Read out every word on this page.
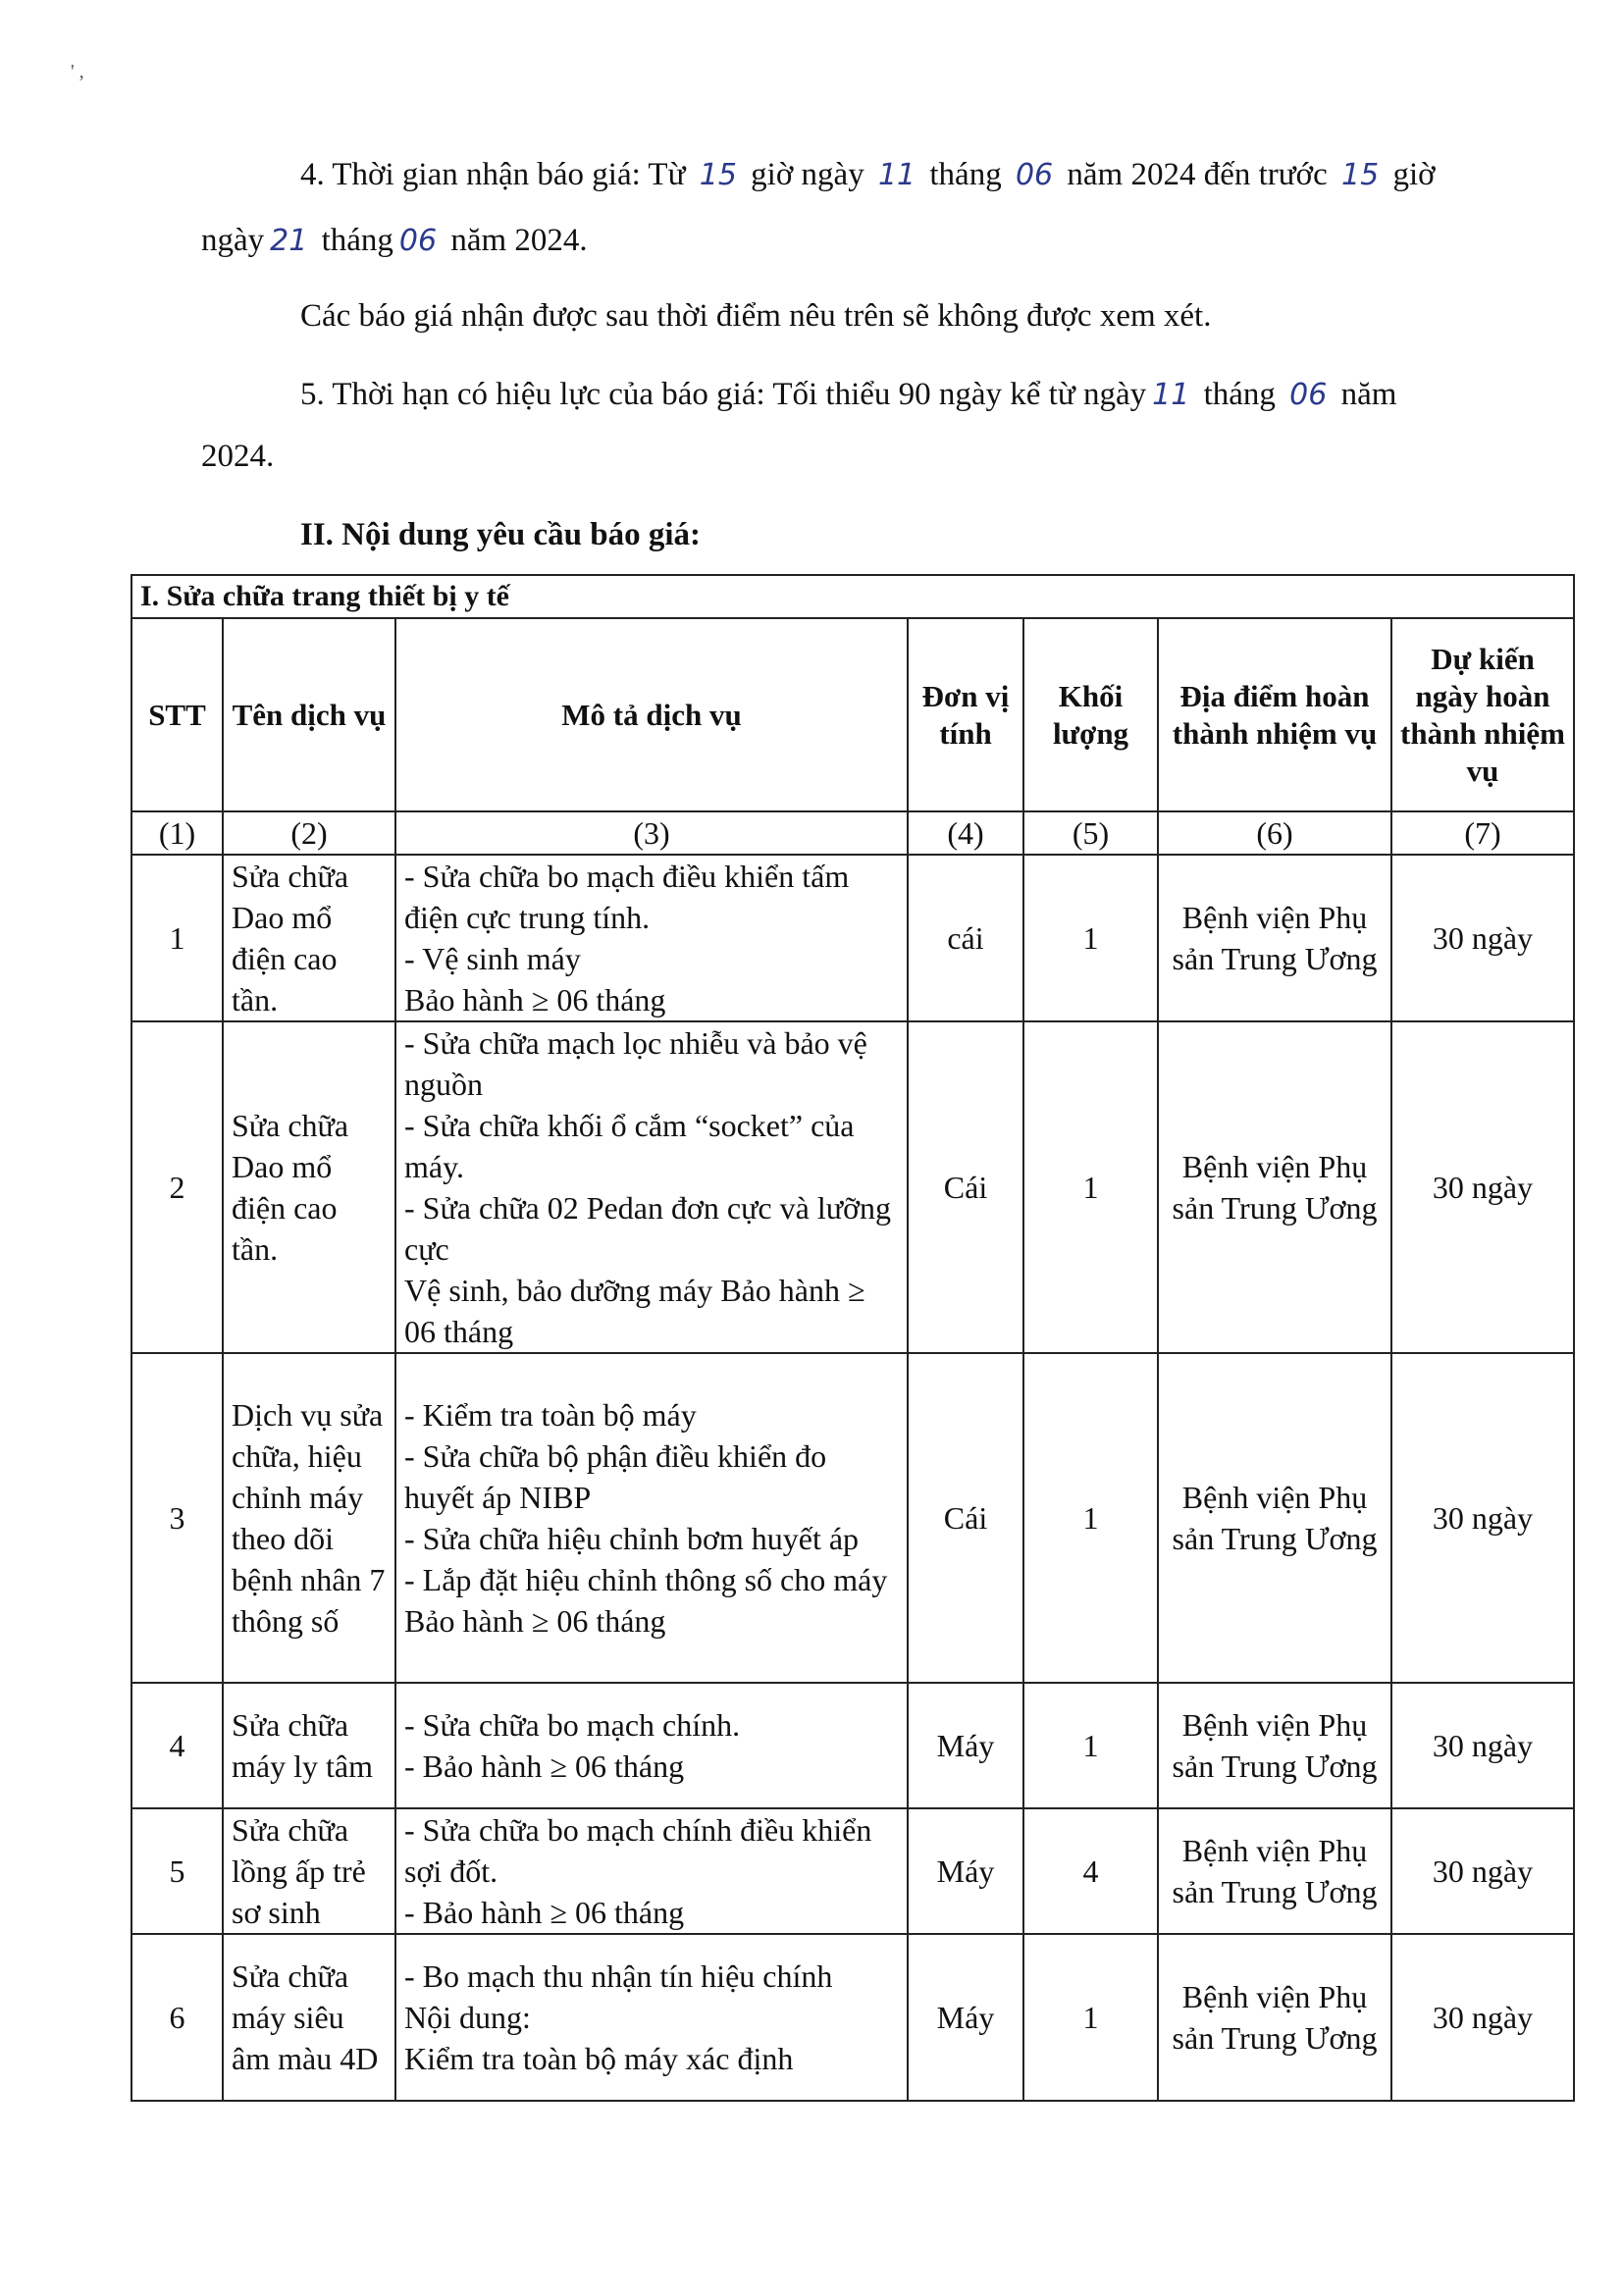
' ,
4. Thời gian nhận báo giá: Từ 15 giờ ngày 11 tháng 06 năm 2024 đến trước 15 giờ
ngày 21 tháng 06 năm 2024.
Các báo giá nhận được sau thời điểm nêu trên sẽ không được xem xét.
5. Thời hạn có hiệu lực của báo giá: Tối thiểu 90 ngày kể từ ngày 11 tháng 06 năm
2024.
II. Nội dung yêu cầu báo giá:
I. Sửa chữa trang thiết bị y tế						
STT	Tên dịch vụ	Mô tả dịch vụ	Đơn vị tính	Khối lượng	Địa điểm hoàn thành nhiệm vụ	Dự kiến ngày hoàn thành nhiệm vụ
(1)	(2)	(3)	(4)	(5)	(6)	(7)
1	Sửa chữa Dao mổ điện cao tần.	- Sửa chữa bo mạch điều khiển tấm điện cực trung tính.
- Vệ sinh máy
Bảo hành ≥ 06 tháng	cái	1	Bệnh viện Phụ sản Trung Ương	30 ngày
2	Sửa chữa Dao mổ điện cao tần.	- Sửa chữa mạch lọc nhiễu và bảo vệ nguồn
- Sửa chữa khối ổ cắm “socket” của máy.
- Sửa chữa 02 Pedan đơn cực và lưỡng cực
Vệ sinh, bảo dưỡng máy Bảo hành ≥ 06 tháng	Cái	1	Bệnh viện Phụ sản Trung Ương	30 ngày
3	Dịch vụ sửa chữa, hiệu chỉnh máy theo dõi bệnh nhân 7 thông số	- Kiểm tra toàn bộ máy
- Sửa chữa bộ phận điều khiển đo huyết áp NIBP
- Sửa chữa hiệu chỉnh bơm huyết áp
- Lắp đặt hiệu chỉnh thông số cho máy
Bảo hành ≥ 06 tháng	Cái	1	Bệnh viện Phụ sản Trung Ương	30 ngày
4	Sửa chữa máy ly tâm	- Sửa chữa bo mạch chính.
- Bảo hành ≥ 06 tháng	Máy	1	Bệnh viện Phụ sản Trung Ương	30 ngày
5	Sửa chữa lồng ấp trẻ sơ sinh	- Sửa chữa bo mạch chính điều khiển sợi đốt.
- Bảo hành ≥ 06 tháng	Máy	4	Bệnh viện Phụ sản Trung Ương	30 ngày
6	Sửa chữa máy siêu âm màu 4D	- Bo mạch thu nhận tín hiệu chính
Nội dung:
Kiểm tra toàn bộ máy xác định	Máy	1	Bệnh viện Phụ sản Trung Ương	30 ngày
